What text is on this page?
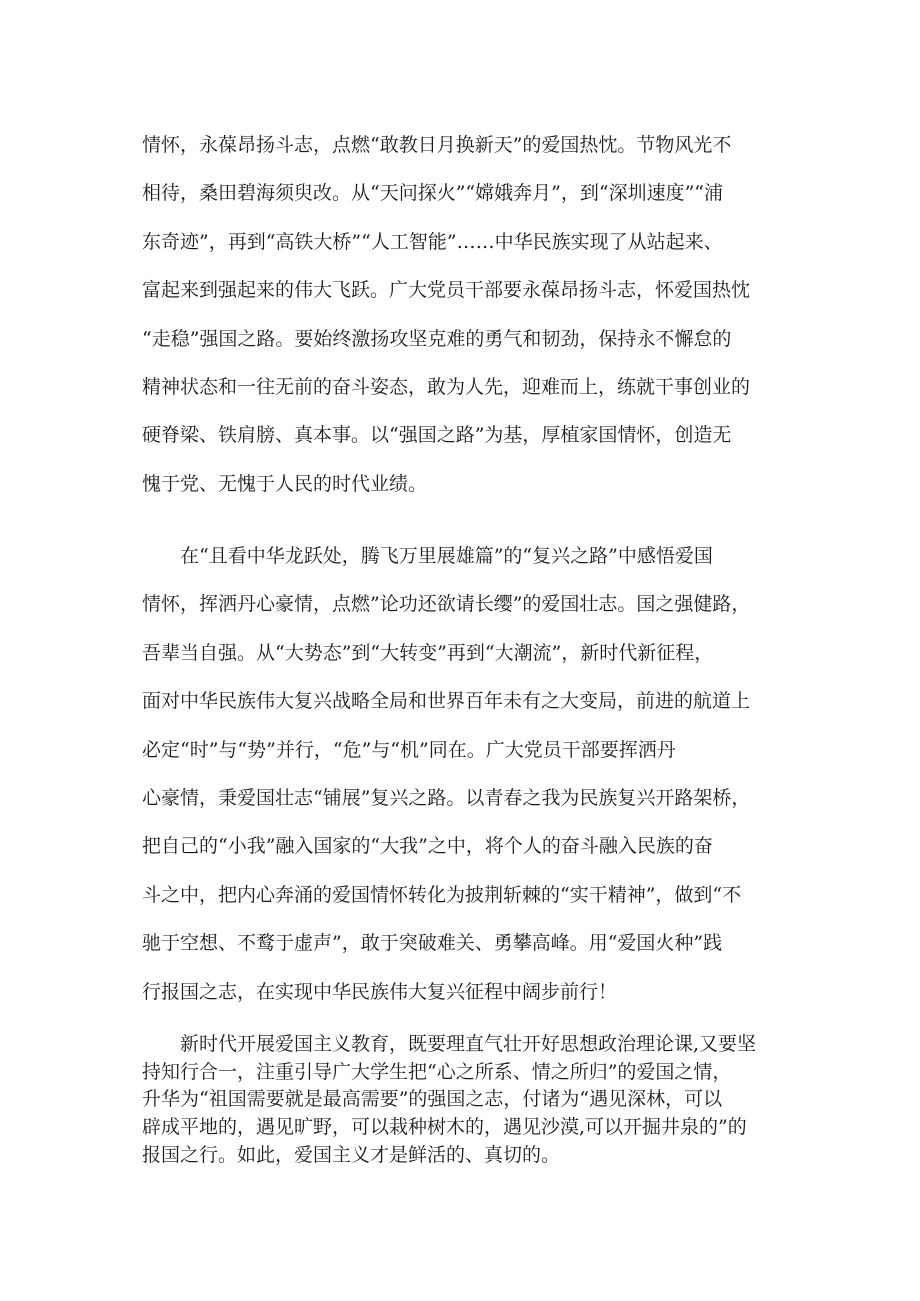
情怀，永葆昂扬斗志，点燃“敢教日月换新天”的爱国热忱。节物风光不
相待，桑田碧海须臾改。从“天问探火”“嫦娥奔月”，到“深圳速度”“浦
东奇迹”，再到“高铁大桥”“人工智能”……中华民族实现了从站起来、
富起来到强起来的伟大飞跃。广大党员干部要永葆昂扬斗志，怀爱国热忱
“走稳”强国之路。要始终激扬攻坚克难的勇气和韧劲，保持永不懈怠的
精神状态和一往无前的奋斗姿态，敢为人先，迎难而上，练就干事创业的
硬脊梁、铁肩膀、真本事。以“强国之路”为基，厚植家国情怀，创造无
愧于党、无愧于人民的时代业绩。
　　在“且看中华龙跃处，腾飞万里展雄篇”的“复兴之路”中感悟爱国
情怀，挥洒丹心豪情，点燃”论功还欲请长缨”的爱国壮志。国之强健路，
吾辈当自强。从“大势态”到“大转变”再到“大潮流”，新时代新征程，
面对中华民族伟大复兴战略全局和世界百年未有之大变局，前进的航道上
必定“时”与“势”并行，“危”与“机”同在。广大党员干部要挥洒丹
心豪情，秉爱国壮志“铺展”复兴之路。以青春之我为民族复兴开路架桥，
把自己的“小我”融入国家的“大我”之中，将个人的奋斗融入民族的奋
斗之中，把内心奔涌的爱国情怀转化为披荆斩棘的“实干精神”，做到“不
驰于空想、不鹜于虚声”，敢于突破难关、勇攀高峰。用“爱国火种”践
行报国之志，在实现中华民族伟大复兴征程中阔步前行！
　　新时代开展爱国主义教育，既要理直气壮开好思想政治理论课,又要坚
持知行合一，注重引导广大学生把“心之所系、情之所归”的爱国之情，
升华为“祖国需要就是最高需要”的强国之志，付诸为“遇见深林，可以
辟成平地的，遇见旷野，可以栽种树木的，遇见沙漠,可以开掘井泉的”的
报国之行。如此，爱国主义才是鲜活的、真切的。
